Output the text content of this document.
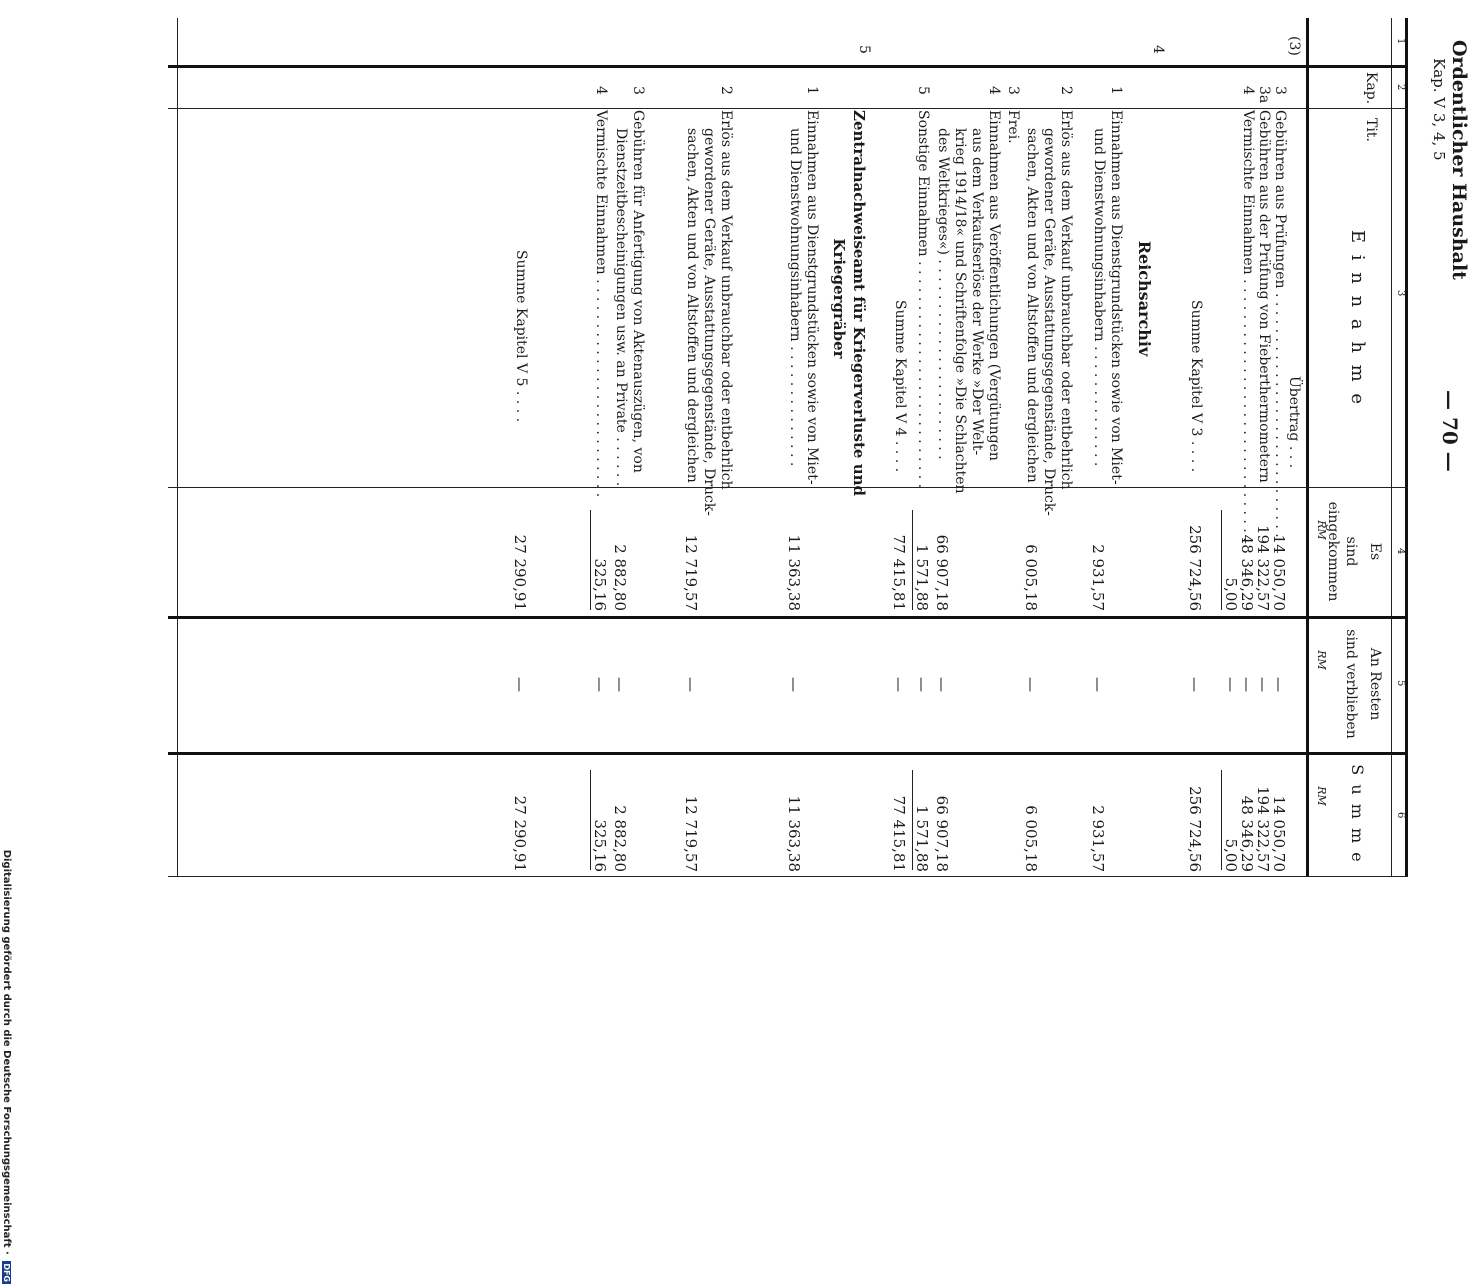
Digitalisierung gefördert durch die Deutsche Forschungsgemeinschaft · DFG
Ordentlicher Haushalt
Kap. V 3, 4, 5
— 70 —
1
2
3
4
5
6
Kap.
Tit.
E i n n a h m e
Es
sind eingekommen
RM
An Resten
sind verblieben
RM
S u m m e
RM
(3)
Übertrag . . .
3
Gebühren aus Prüfungen . . . . . . . . . . . . . . . . . . . . . . . . . . . .
14 050,70
—
14 050,70
3a
Gebühren aus der Prüfung von Fieberthermometern
194 322,57
—
194 322,57
4
Vermischte Einnahmen . . . . . . . . . . . . . . . . . . . . . . . . . . . . . .
48 346,29
—
48 346,29
5,00
—
5,00
Summe Kapitel V 3 . . . .
256 724,56
—
256 724,56
4
Reichsarchiv
1
Einnahmen aus Dienstgrundstücken sowie von Miet-
und Dienstwohnungsinhabern . . . . . . . . . . . . . .
2 931,57
—
2 931,57
2
Erlös aus dem Verkauf unbrauchbar oder entbehrlich
gewordener Geräte, Ausstattungsgegenstände, Druck-
sachen, Akten und von Altstoffen und dergleichen
6 005,18
—
6 005,18
3
Frei.
4
Einnahmen aus Veröffentlichungen (Vergütungen
aus dem Verkaufserlöse der Werke »Der Welt-
krieg 1914/18« und Schriftenfolge »Die Schlachten
des Weltkrieges«) . . . . . . . . . . . . . . . . . . . . . . .
66 907,18
—
66 907,18
5
Sonstige Einnahmen . . . . . . . . . . . . . . . . . . . . . . . . . .
1 571,88
—
1 571,88
Summe Kapitel V 4 . . . .
77 415,81
—
77 415,81
5
Zentralnachweiseamt für Kriegerverluste und
Kriegergräber
1
Einnahmen aus Dienstgrundstücken sowie von Miet-
und Dienstwohnungsinhabern . . . . . . . . . . . . . .
11 363,38
—
11 363,38
2
Erlös aus dem Verkauf unbrauchbar oder entbehrlich
gewordener Geräte, Ausstattungsgegenstände, Druck-
sachen, Akten und von Altstoffen und dergleichen
12 719,57
—
12 719,57
3
Gebühren für Anfertigung von Aktenauszügen, von
Dienstzeitbescheinigungen usw. an Private . . . . . .
2 882,80
—
2 882,80
4
Vermischte Einnahmen . . . . . . . . . . . . . . . . . . . . . . . . .
325,16
—
325,16
Summe Kapitel V 5 . . . .
27 290,91
—
27 290,91
